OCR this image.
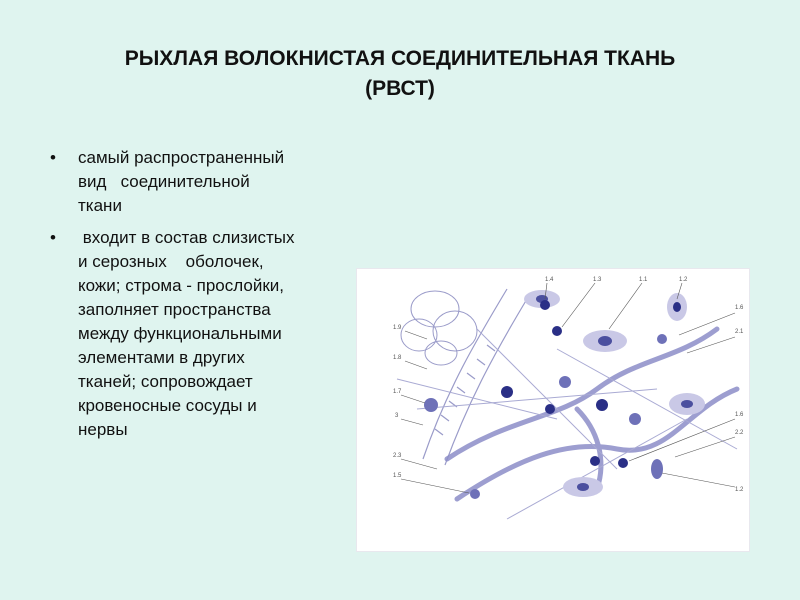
РЫХЛАЯ ВОЛОКНИСТАЯ СОЕДИНИТЕЛЬНАЯ ТКАНЬ
(РВСТ)
• самый распространенный
вид   соединительной
ткани
• входит в состав слизистых
и серозных    оболочек,
кожи; строма - прослойки,
заполняет пространства
между функциональными
элементами в других
тканей; сопровождает
кровеносные сосуды и
нервы
1.4	1.3	1.1	1.2
1.9
1.8
1.7
3
2.3
1.5
1.6
2.1
1.6
2.2
1.2
